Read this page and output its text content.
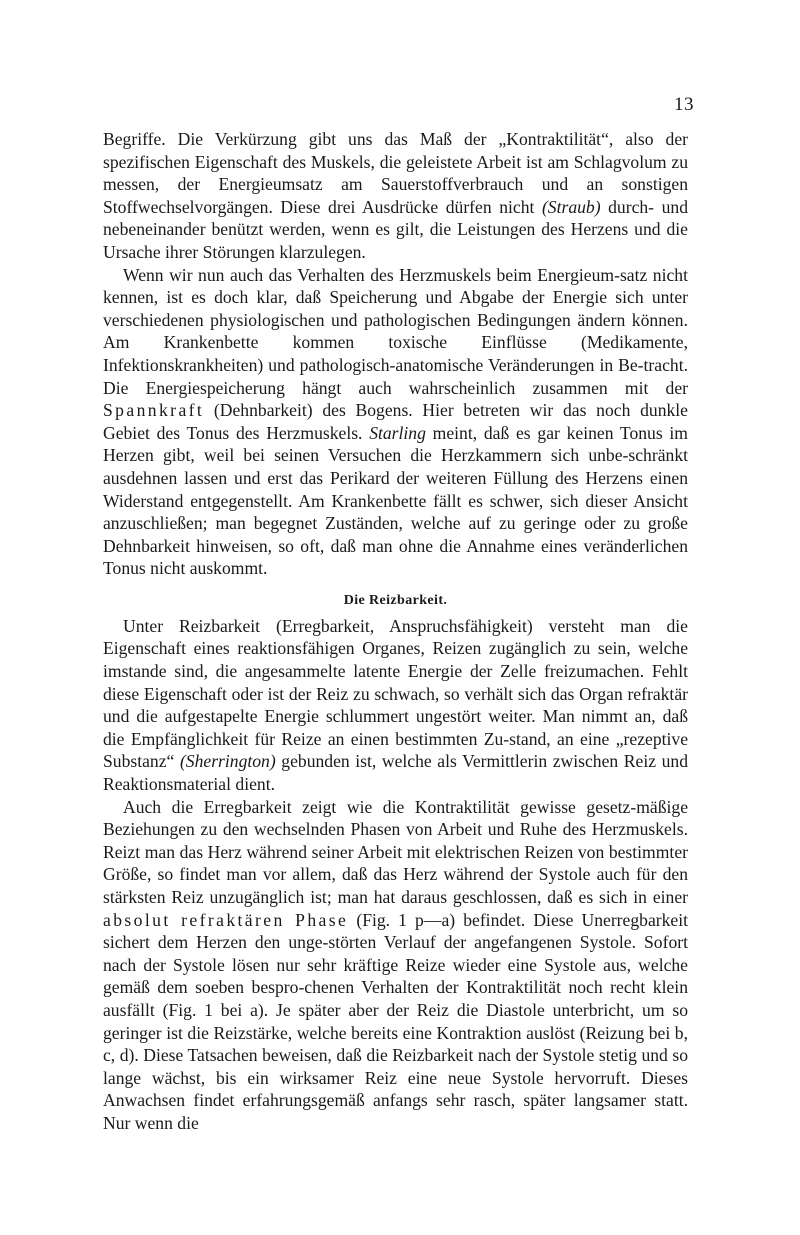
13

Begriffe. Die Verkürzung gibt uns das Maß der „Kontraktilität“, also der spezifischen Eigenschaft des Muskels, die geleistete Arbeit ist am Schlagvolum zu messen, der Energieumsatz am Sauerstoffverbrauch und an sonstigen Stoffwechselvorgängen. Diese drei Ausdrücke dürfen nicht (Straub) durch- und nebeneinander benützt werden, wenn es gilt, die Leistungen des Herzens und die Ursache ihrer Störungen klarzulegen.

Wenn wir nun auch das Verhalten des Herzmuskels beim Energieum-satz nicht kennen, ist es doch klar, daß Speicherung und Abgabe der Energie sich unter verschiedenen physiologischen und pathologischen Bedingungen ändern können. Am Krankenbette kommen toxische Einflüsse (Medikamente, Infektionskrankheiten) und pathologisch-anatomische Veränderungen in Be-tracht. Die Energiespeicherung hängt auch wahrscheinlich zusammen mit der Spannkraft (Dehnbarkeit) des Bogens. Hier betreten wir das noch dunkle Gebiet des Tonus des Herzmuskels. Starling meint, daß es gar keinen Tonus im Herzen gibt, weil bei seinen Versuchen die Herzkammern sich unbe-schränkt ausdehnen lassen und erst das Perikard der weiteren Füllung des Herzens einen Widerstand entgegenstellt. Am Krankenbette fällt es schwer, sich dieser Ansicht anzuschließen; man begegnet Zuständen, welche auf zu geringe oder zu große Dehnbarkeit hinweisen, so oft, daß man ohne die Annahme eines veränderlichen Tonus nicht auskommt.

Die Reizbarkeit.

Unter Reizbarkeit (Erregbarkeit, Anspruchsfähigkeit) versteht man die Eigenschaft eines reaktionsfähigen Organes, Reizen zugänglich zu sein, welche imstande sind, die angesammelte latente Energie der Zelle freizumachen. Fehlt diese Eigenschaft oder ist der Reiz zu schwach, so verhält sich das Organ refraktär und die aufgestapelte Energie schlummert ungestört weiter. Man nimmt an, daß die Empfänglichkeit für Reize an einen bestimmten Zu-stand, an eine „rezeptive Substanz“ (Sherrington) gebunden ist, welche als Vermittlerin zwischen Reiz und Reaktionsmaterial dient.

Auch die Erregbarkeit zeigt wie die Kontraktilität gewisse gesetz-mäßige Beziehungen zu den wechselnden Phasen von Arbeit und Ruhe des Herzmuskels. Reizt man das Herz während seiner Arbeit mit elektrischen Reizen von bestimmter Größe, so findet man vor allem, daß das Herz während der Systole auch für den stärksten Reiz unzugänglich ist; man hat daraus geschlossen, daß es sich in einer absolut refraktären Phase (Fig. 1 p—a) befindet. Diese Unerregbarkeit sichert dem Herzen den unge-störten Verlauf der angefangenen Systole. Sofort nach der Systole lösen nur sehr kräftige Reize wieder eine Systole aus, welche gemäß dem soeben bespro-chenen Verhalten der Kontraktilität noch recht klein ausfällt (Fig. 1 bei a). Je später aber der Reiz die Diastole unterbricht, um so geringer ist die Reizstärke, welche bereits eine Kontraktion auslöst (Reizung bei b, c, d). Diese Tatsachen beweisen, daß die Reizbarkeit nach der Systole stetig und so lange wächst, bis ein wirksamer Reiz eine neue Systole hervorruft. Dieses Anwachsen findet erfahrungsgemäß anfangs sehr rasch, später langsamer statt. Nur wenn die
